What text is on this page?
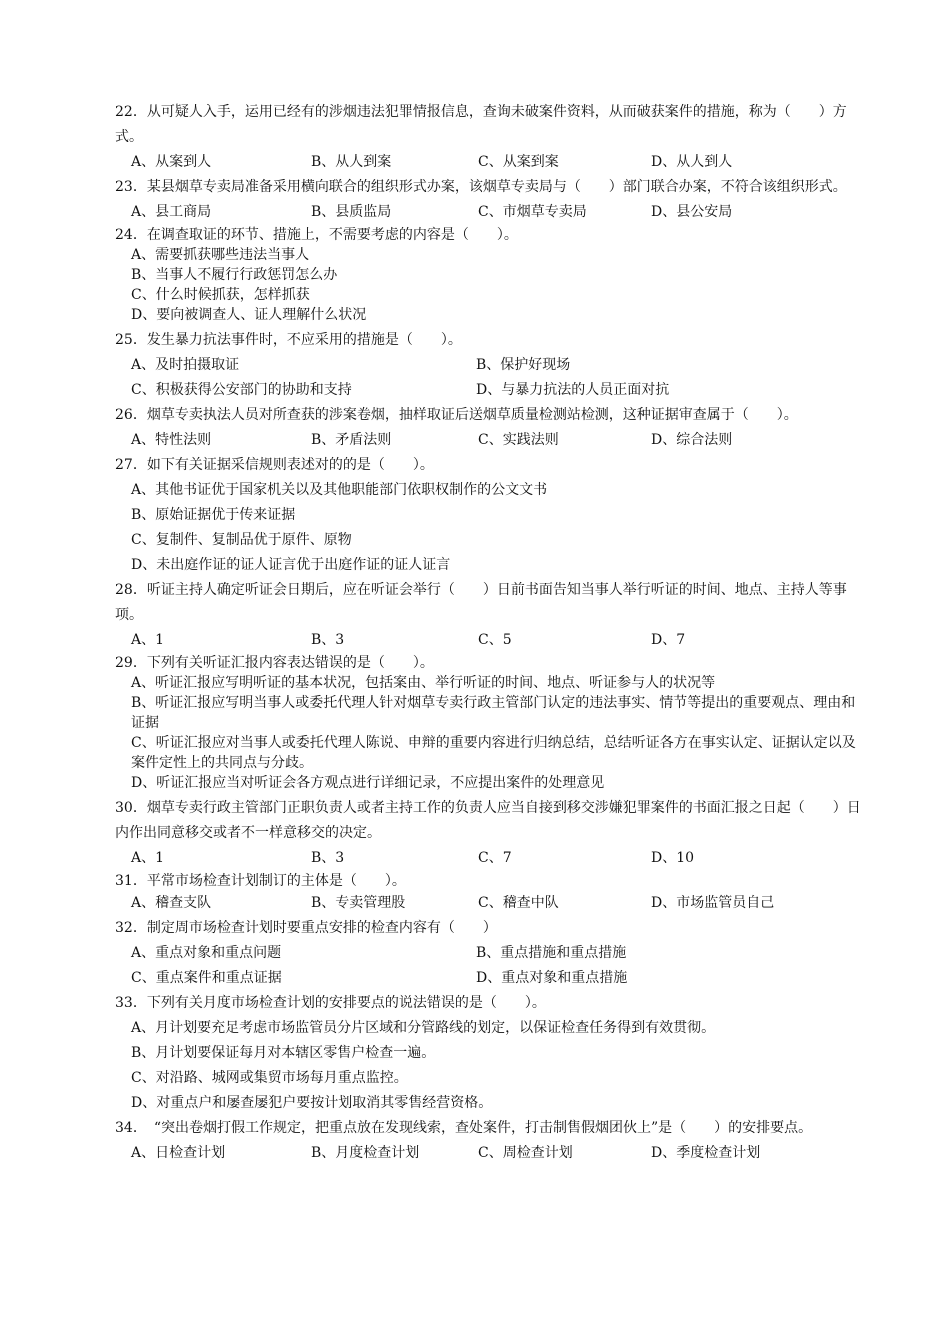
22．从可疑人入手，运用已经有的涉烟违法犯罪情报信息，查询未破案件资料，从而破获案件的措施，称为（　　）方式。

A、从案到人	B、从人到案	C、从案到案	D、从人到人

23．某县烟草专卖局准备采用横向联合的组织形式办案，该烟草专卖局与（　　）部门联合办案，不符合该组织形式。

A、县工商局	B、县质监局	C、市烟草专卖局	D、县公安局

24．在调查取证的环节、措施上，不需要考虑的内容是（　　）。

A、需要抓获哪些违法当事人
B、当事人不履行行政惩罚怎么办
C、什么时候抓获，怎样抓获
D、要向被调查人、证人理解什么状况

25．发生暴力抗法事件时，不应采用的措施是（　　）。

A、及时拍摄取证	B、保护好现场
C、积极获得公安部门的协助和支持	D、与暴力抗法的人员正面对抗

26．烟草专卖执法人员对所查获的涉案卷烟，抽样取证后送烟草质量检测站检测，这种证据审查属于（　　）。

A、特性法则	B、矛盾法则	C、实践法则	D、综合法则

27．如下有关证据采信规则表述对的的是（　　）。

A、其他书证优于国家机关以及其他职能部门依职权制作的公文文书
B、原始证据优于传来证据
C、复制件、复制品优于原件、原物
D、未出庭作证的证人证言优于出庭作证的证人证言

28．听证主持人确定听证会日期后，应在听证会举行（　　）日前书面告知当事人举行听证的时间、地点、主持人等事项。

A、1	B、3	C、5	D、7

29．下列有关听证汇报内容表达错误的是（　　）。

A、听证汇报应写明听证的基本状况，包括案由、举行听证的时间、地点、听证参与人的状况等
B、听证汇报应写明当事人或委托代理人针对烟草专卖行政主管部门认定的违法事实、情节等提出的重要观点、理由和证据
C、听证汇报应对当事人或委托代理人陈说、申辩的重要内容进行归纳总结，总结听证各方在事实认定、证据认定以及案件定性上的共同点与分歧。
D、听证汇报应当对听证会各方观点进行详细记录，不应提出案件的处理意见

30．烟草专卖行政主管部门正职负责人或者主持工作的负责人应当自接到移交涉嫌犯罪案件的书面汇报之日起（　　）日内作出同意移交或者不一样意移交的决定。

A、1	B、3	C、7	D、10

31．平常市场检查计划制订的主体是（　　）。

A、稽查支队	B、专卖管理股	C、稽查中队	D、市场监管员自己

32．制定周市场检查计划时要重点安排的检查内容有（　　）

A、重点对象和重点问题	B、重点措施和重点措施
C、重点案件和重点证据	D、重点对象和重点措施

33．下列有关月度市场检查计划的安排要点的说法错误的是（　　）。

A、月计划要充足考虑市场监管员分片区域和分管路线的划定，以保证检查任务得到有效贯彻。
B、月计划要保证每月对本辖区零售户检查一遍。
C、对沿路、城网或集贸市场每月重点监控。
D、对重点户和屡查屡犯户要按计划取消其零售经营资格。

34．　“突出卷烟打假工作规定，把重点放在发现线索，查处案件，打击制售假烟团伙上”是（　　）的安排要点。

A、日检查计划	B、月度检查计划	C、周检查计划	D、季度检查计划
